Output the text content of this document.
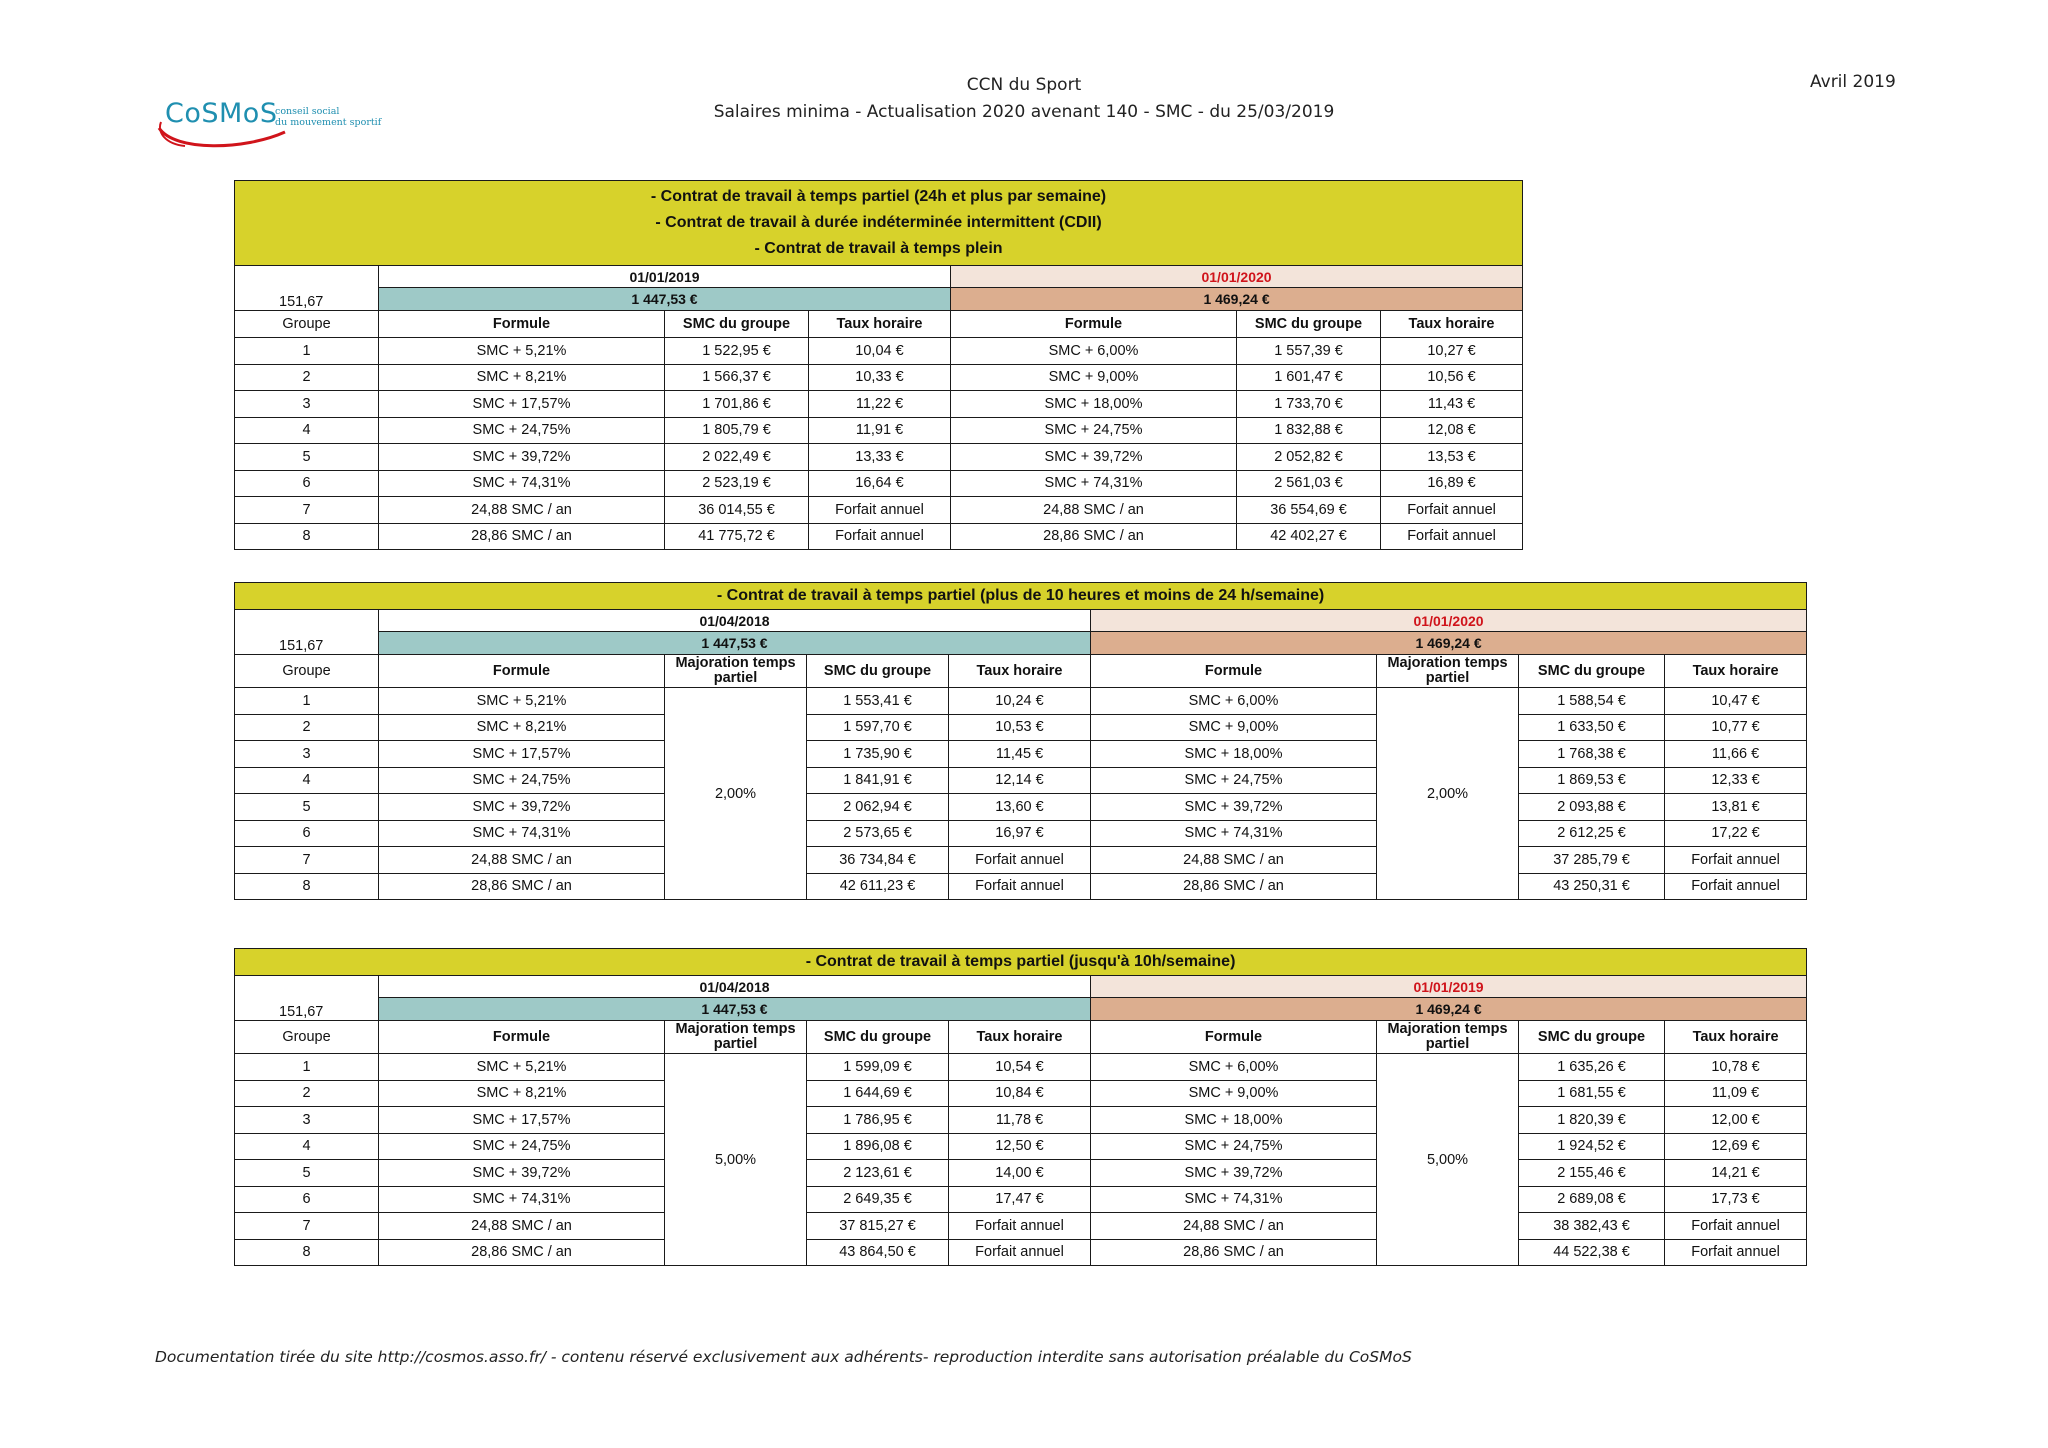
CCN du Sport
Salaires minima - Actualisation 2020 avenant 140 - SMC - du 25/03/2019
Avril 2019
CoSMoS
conseil social
du mouvement sportif
- Contrat de travail à temps partiel (24h et plus par semaine)
- Contrat de travail à durée indéterminée intermittent (CDII)
- Contrat de travail à temps plein						

151,67	01/01/2019			01/01/2020		
	1 447,53 €			1 469,24 €		
Groupe	Formule	SMC du groupe	Taux horaire	Formule	SMC du groupe	Taux horaire
1	SMC + 5,21%	1 522,95 €	10,04 €	SMC + 6,00%	1 557,39 €	10,27 €
2	SMC + 8,21%	1 566,37 €	10,33 €	SMC + 9,00%	1 601,47 €	10,56 €
3	SMC + 17,57%	1 701,86 €	11,22 €	SMC + 18,00%	1 733,70 €	11,43 €
4	SMC + 24,75%	1 805,79 €	11,91 €	SMC + 24,75%	1 832,88 €	12,08 €
5	SMC + 39,72%	2 022,49 €	13,33 €	SMC + 39,72%	2 052,82 €	13,53 €
6	SMC + 74,31%	2 523,19 €	16,64 €	SMC + 74,31%	2 561,03 €	16,89 €
7	24,88 SMC / an	36 014,55 €	Forfait annuel	24,88 SMC / an	36 554,69 €	Forfait annuel
8	28,86 SMC / an	41 775,72 €	Forfait annuel	28,86 SMC / an	42 402,27 €	Forfait annuel
- Contrat de travail à temps partiel (plus de 10 heures et moins de 24 h/semaine)								
151,67	01/04/2018				01/01/2020			
	1 447,53 €				1 469,24 €			
Groupe	Formule	Majoration temps partiel	SMC du groupe	Taux horaire	Formule	Majoration temps partiel	SMC du groupe	Taux horaire
1	SMC + 5,21%	2,00%	1 553,41 €	10,24 €	SMC + 6,00%	2,00%	1 588,54 €	10,47 €
2	SMC + 8,21%		1 597,70 €	10,53 €	SMC + 9,00%		1 633,50 €	10,77 €
3	SMC + 17,57%		1 735,90 €	11,45 €	SMC + 18,00%		1 768,38 €	11,66 €
4	SMC + 24,75%		1 841,91 €	12,14 €	SMC + 24,75%		1 869,53 €	12,33 €
5	SMC + 39,72%		2 062,94 €	13,60 €	SMC + 39,72%		2 093,88 €	13,81 €
6	SMC + 74,31%		2 573,65 €	16,97 €	SMC + 74,31%		2 612,25 €	17,22 €
7	24,88 SMC / an		36 734,84 €	Forfait annuel	24,88 SMC / an		37 285,79 €	Forfait annuel
8	28,86 SMC / an		42 611,23 €	Forfait annuel	28,86 SMC / an		43 250,31 €	Forfait annuel
- Contrat de travail à temps partiel (jusqu'à 10h/semaine)								
151,67	01/04/2018				01/01/2019			
	1 447,53 €				1 469,24 €			
Groupe	Formule	Majoration temps partiel	SMC du groupe	Taux horaire	Formule	Majoration temps partiel	SMC du groupe	Taux horaire
1	SMC + 5,21%	5,00%	1 599,09 €	10,54 €	SMC + 6,00%	5,00%	1 635,26 €	10,78 €
2	SMC + 8,21%		1 644,69 €	10,84 €	SMC + 9,00%		1 681,55 €	11,09 €
3	SMC + 17,57%		1 786,95 €	11,78 €	SMC + 18,00%		1 820,39 €	12,00 €
4	SMC + 24,75%		1 896,08 €	12,50 €	SMC + 24,75%		1 924,52 €	12,69 €
5	SMC + 39,72%		2 123,61 €	14,00 €	SMC + 39,72%		2 155,46 €	14,21 €
6	SMC + 74,31%		2 649,35 €	17,47 €	SMC + 74,31%		2 689,08 €	17,73 €
7	24,88 SMC / an		37 815,27 €	Forfait annuel	24,88 SMC / an		38 382,43 €	Forfait annuel
8	28,86 SMC / an		43 864,50 €	Forfait annuel	28,86 SMC / an		44 522,38 €	Forfait annuel
Documentation tirée du site http://cosmos.asso.fr/ - contenu réservé exclusivement aux adhérents- reproduction interdite sans autorisation préalable du CoSMoS
